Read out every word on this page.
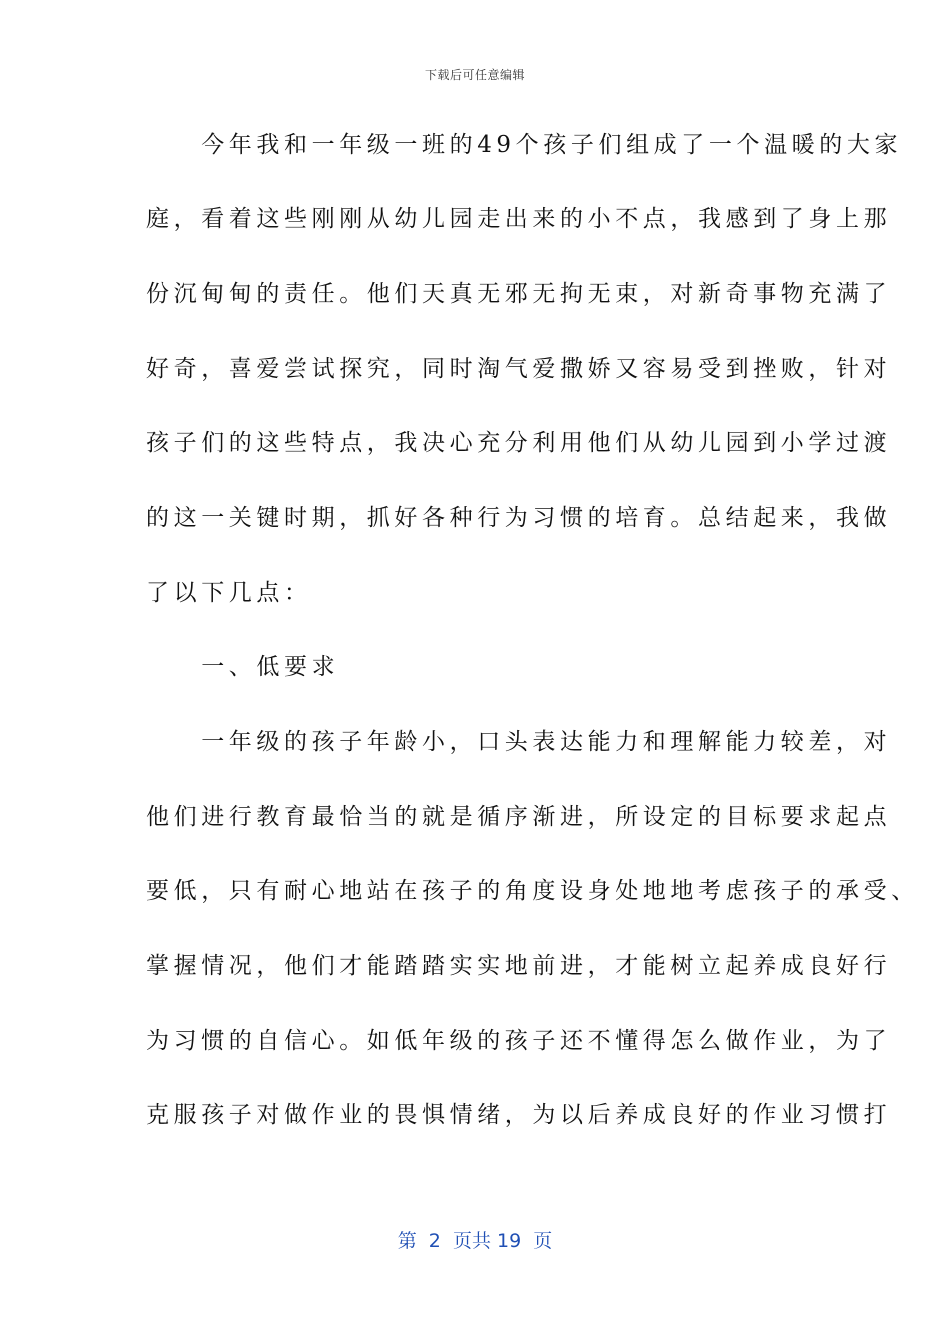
下载后可任意编辑
　　今年我和一年级一班的49个孩子们组成了一个温暖的大家
庭，看着这些刚刚从幼儿园走出来的小不点，我感到了身上那
份沉甸甸的责任。他们天真无邪无拘无束，对新奇事物充满了
好奇，喜爱尝试探究，同时淘气爱撒娇又容易受到挫败，针对
孩子们的这些特点，我决心充分利用他们从幼儿园到小学过渡
的这一关键时期，抓好各种行为习惯的培育。总结起来，我做
了以下几点：
　　一、低要求
　　一年级的孩子年龄小，口头表达能力和理解能力较差，对
他们进行教育最恰当的就是循序渐进，所设定的目标要求起点
要低，只有耐心地站在孩子的角度设身处地地考虑孩子的承受、
掌握情况，他们才能踏踏实实地前进，才能树立起养成良好行
为习惯的自信心。如低年级的孩子还不懂得怎么做作业，为了
克服孩子对做作业的畏惧情绪，为以后养成良好的作业习惯打
第  2  页共 19  页
